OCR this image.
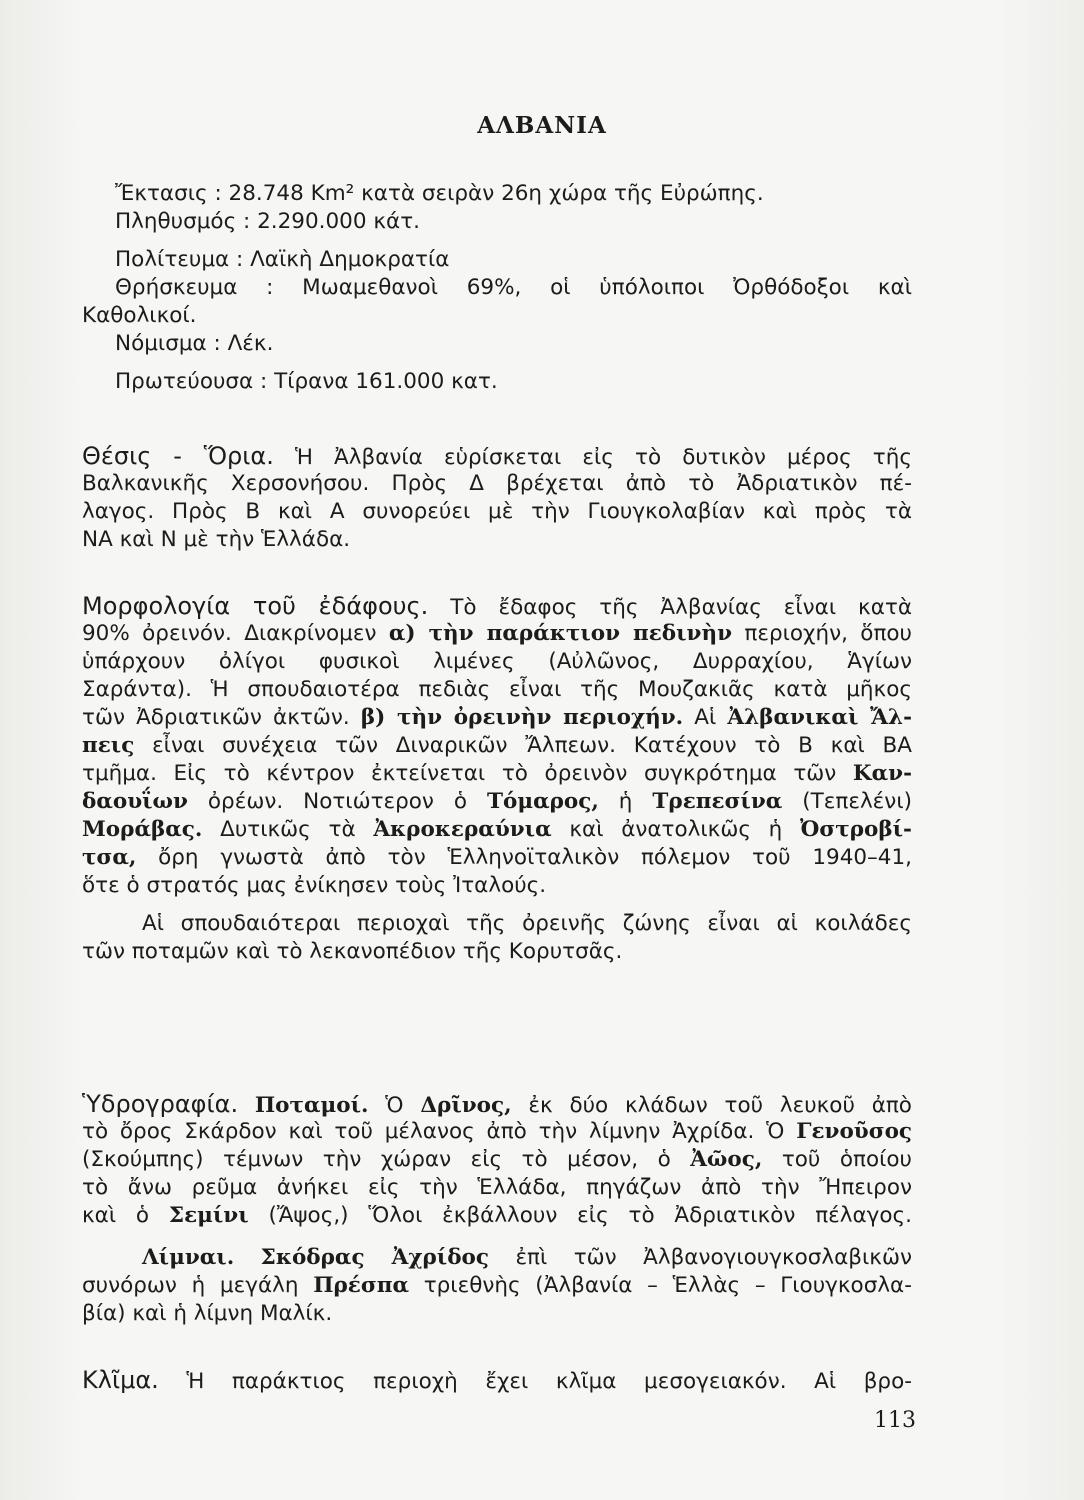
ΑΛΒΑΝΙΑ
Ἔκτασις : 28.748 Km² κατὰ σειρὰν 26η χώρα τῆς Εὐρώπης.
Πληθυσμός : 2.290.000 κάτ.
Πολίτευμα : Λαϊκὴ Δημοκρατία
Θρήσκευμα : Μωαμεθανοὶ 69%, οἱ ὑπόλοιποι Ὀρθόδοξοι καὶ
Καθολικοί.
Νόμισμα : Λέκ.
Πρωτεύουσα : Τίρανα 161.000 κατ.
Θέσις - Ὅρια. Ἡ Ἀλβανία εὑρίσκεται εἰς τὸ δυτικὸν μέρος τῆς
Βαλκανικῆς Χερσονήσου. Πρὸς Δ βρέχεται ἀπὸ τὸ Ἀδριατικὸν πέ-
λαγος. Πρὸς Β καὶ Α συνορεύει μὲ τὴν Γιουγκολαβίαν καὶ πρὸς τὰ
ΝΑ καὶ Ν μὲ τὴν Ἑλλάδα.
Μορφολογία τοῦ ἐδάφους. Τὸ ἔδαφος τῆς Ἀλβανίας εἶναι κατὰ
90% ὀρεινόν. Διακρίνομεν α) τὴν παράκτιον πεδινὴν περιοχήν, ὅπου
ὑπάρχουν ὀλίγοι φυσικοὶ λιμένες (Αὐλῶνος, Δυρραχίου, Ἁγίων
Σαράντα). Ἡ σπουδαιοτέρα πεδιὰς εἶναι τῆς Μουζακιᾶς κατὰ μῆκος
τῶν Ἀδριατικῶν ἀκτῶν. β) τὴν ὀρεινὴν περιοχήν. Αἱ Ἀλβανικαὶ Ἄλ-
πεις εἶναι συνέχεια τῶν Διναρικῶν Ἄλπεων. Κατέχουν τὸ Β καὶ ΒΑ
τμῆμα. Εἰς τὸ κέντρον ἐκτείνεται τὸ ὀρεινὸν συγκρότημα τῶν Καν-
δαουΐων ὀρέων. Νοτιώτερον ὁ Τόμαρος, ἡ Τρεπεσίνα (Τεπελένι)
Μοράβας. Δυτικῶς τὰ Ἀκροκεραύνια καὶ ἀνατολικῶς ἡ Ὀστροβί-
τσα, ὄρη γνωστὰ ἀπὸ τὸν Ἑλληνοϊταλικὸν πόλεμον τοῦ 1940–41,
ὅτε ὁ στρατός μας ἐνίκησεν τοὺς Ἰταλούς.
Αἱ σπουδαιότεραι περιοχαὶ τῆς ὀρεινῆς ζώνης εἶναι αἱ κοιλάδες
τῶν ποταμῶν καὶ τὸ λεκανοπέδιον τῆς Κορυτσᾶς.
Ὑδρογραφία. Ποταμοί. Ὁ Δρῖνος, ἐκ δύο κλάδων τοῦ λευκοῦ ἀπὸ
τὸ ὄρος Σκάρδον καὶ τοῦ μέλανος ἀπὸ τὴν λίμνην Ἀχρίδα. Ὁ Γενοῦσος
(Σκούμπης) τέμνων τὴν χώραν εἰς τὸ μέσον, ὁ Ἀῶος, τοῦ ὁποίου
τὸ ἄνω ρεῦμα ἀνήκει εἰς τὴν Ἑλλάδα, πηγάζων ἀπὸ τὴν Ἤπειρον
καὶ ὁ Σεμίνι (Ἄψος,) Ὅλοι ἐκβάλλουν εἰς τὸ Ἀδριατικὸν πέλαγος.
Λίμναι. Σκόδρας Ἀχρίδος ἐπὶ τῶν Ἀλβανογιουγκοσλαβικῶν
συνόρων ἡ μεγάλη Πρέσπα τριεθνὴς (Ἀλβανία – Ἑλλὰς – Γιουγκοσλα-
βία) καὶ ἡ λίμνη Μαλίκ.
Κλῖμα. Ἡ παράκτιος περιοχὴ ἔχει κλῖμα μεσογειακόν. Αἱ βρο-
113
